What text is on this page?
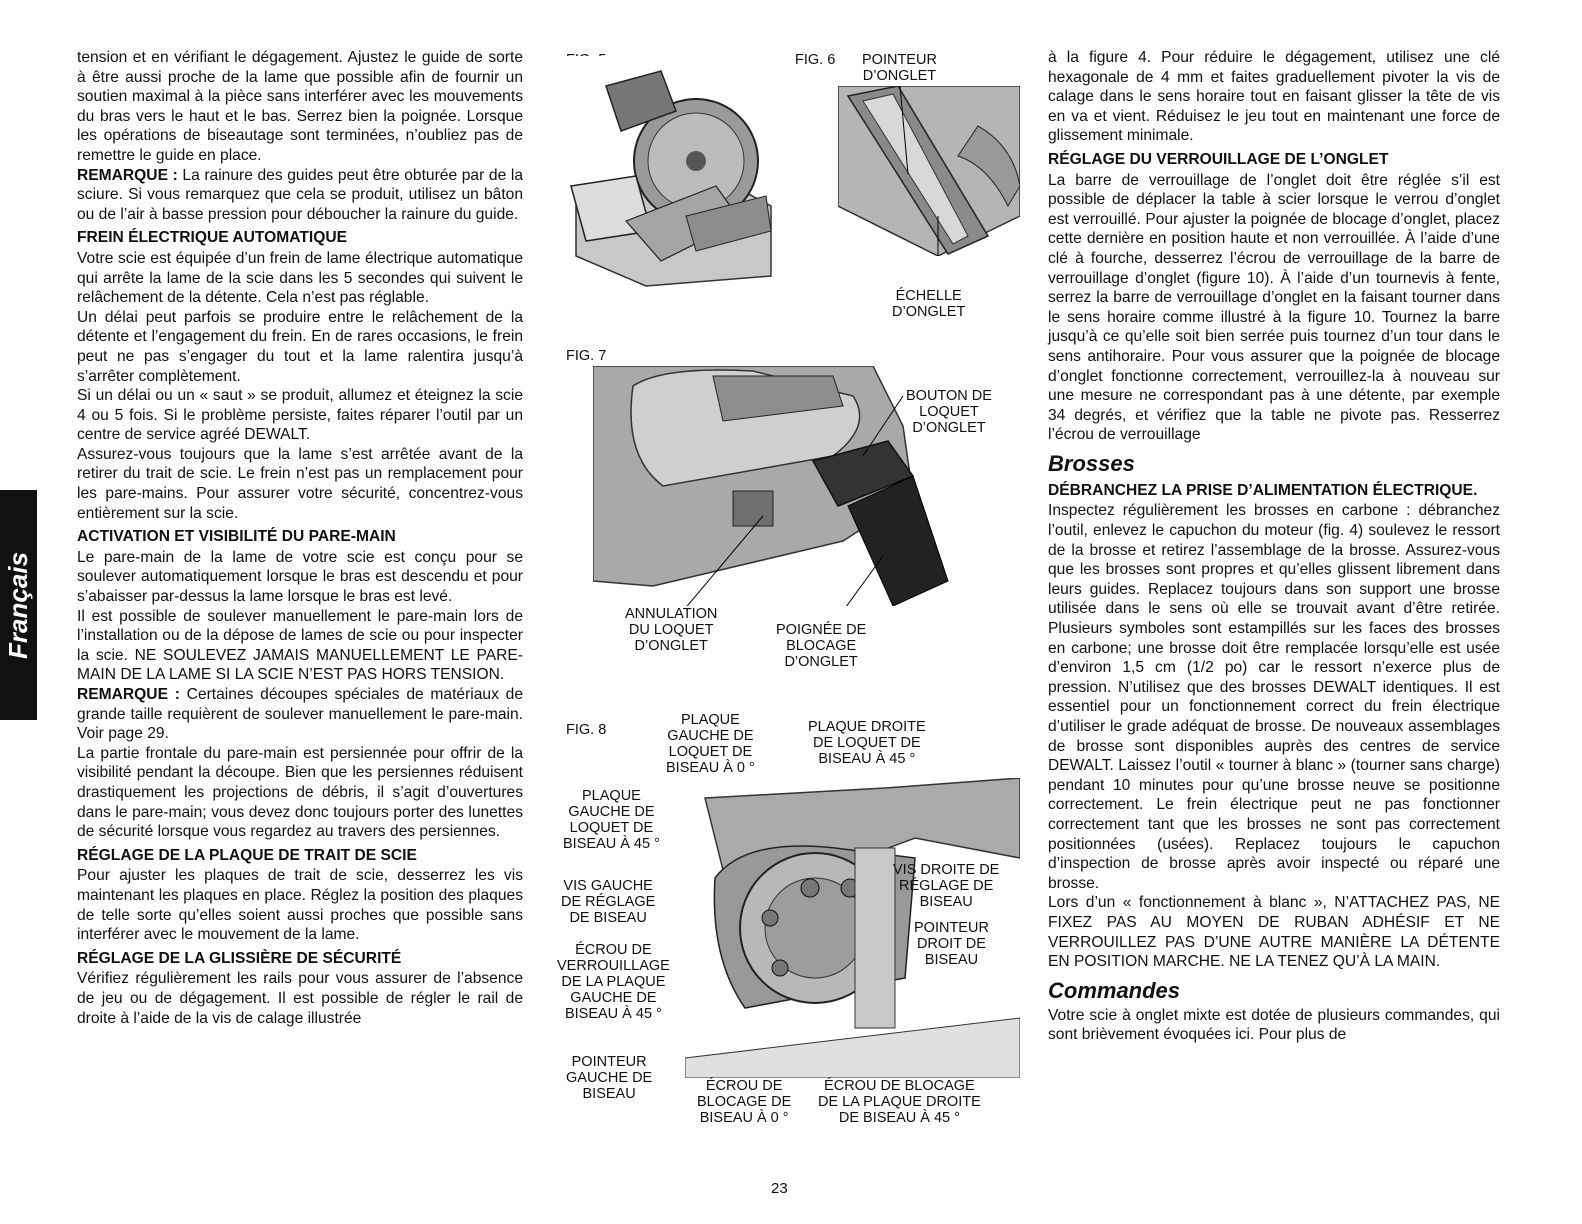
Français

tension et en vérifiant le dégagement. Ajustez le guide de sorte à être aussi proche de la lame que possible afin de fournir un soutien maximal à la pièce sans interférer avec les mouvements du bras vers le haut et le bas. Serrez bien la poignée. Lorsque les opérations de biseautage sont terminées, n’oubliez pas de remettre le guide en place.

REMARQUE : La rainure des guides peut être obturée par de la sciure. Si vous remarquez que cela se produit, utilisez un bâton ou de l’air à basse pression pour déboucher la rainure du guide.

FREIN ÉLECTRIQUE AUTOMATIQUE

Votre scie est équipée d’un frein de lame électrique automatique qui arrête la lame de la scie dans les 5 secondes qui suivent le relâchement de la détente. Cela n’est pas réglable.

Un délai peut parfois se produire entre le relâchement de la détente et l’engagement du frein. En de rares occasions, le frein peut ne pas s’engager du tout et la lame ralentira jusqu’à s’arrêter complètement.

Si un délai ou un « saut » se produit, allumez et éteignez la scie 4 ou 5 fois. Si le problème persiste, faites réparer l’outil par un centre de service agréé DEWALT.

Assurez-vous toujours que la lame s’est arrêtée avant de la retirer du trait de scie. Le frein n’est pas un remplacement pour les pare-mains. Pour assurer votre sécurité, concentrez-vous entièrement sur la scie.

ACTIVATION ET VISIBILITÉ DU PARE-MAIN

Le pare-main de la lame de votre scie est conçu pour se soulever automatiquement lorsque le bras est descendu et pour s’abaisser par-dessus la lame lorsque le bras est levé.

Il est possible de soulever manuellement le pare-main lors de l’installation ou de la dépose de lames de scie ou pour inspecter la scie. NE SOULEVEZ JAMAIS MANUELLEMENT LE PARE-MAIN DE LA LAME SI LA SCIE N’EST PAS HORS TENSION.

REMARQUE : Certaines découpes spéciales de matériaux de grande taille requièrent de soulever manuellement le pare-main. Voir page 29.

La partie frontale du pare-main est persiennée pour offrir de la visibilité pendant la découpe. Bien que les persiennes réduisent drastiquement les projections de débris, il s’agit d’ouvertures dans le pare-main; vous devez donc toujours porter des lunettes de sécurité lorsque vous regardez au travers des persiennes.

RÉGLAGE DE LA PLAQUE DE TRAIT DE SCIE

Pour ajuster les plaques de trait de scie, desserrez les vis maintenant les plaques en place. Réglez la position des plaques de telle sorte qu’elles soient aussi proches que possible sans interférer avec le mouvement de la lame.

RÉGLAGE DE LA GLISSIÈRE DE SÉCURITÉ

Vérifiez régulièrement les rails pour vous assurer de l’absence de jeu ou de dégagement. Il est possible de régler le rail de droite à l’aide de la vis de calage illustrée

FIG. 6 POINTEUR
D’ONGLET
ÉCHELLE
D’ONGLET
FIG. 7
BOUTON DE
LOQUET
D’ONGLET
ANNULATION
DU LOQUET
D’ONGLET
POIGNÉE DE
BLOCAGE
D’ONGLET
FIG. 8
PLAQUE
GAUCHE DE
LOQUET DE
BISEAU À 0 °
PLAQUE DROITE
DE LOQUET DE
BISEAU À 45 °
PLAQUE
GAUCHE DE
LOQUET DE
BISEAU À 45 °
VIS GAUCHE
DE RÉGLAGE
DE BISEAU
VIS DROITE DE
RÉGLAGE DE
BISEAU
ÉCROU DE
VERROUILLAGE
DE LA PLAQUE
GAUCHE DE
BISEAU À 45 °
POINTEUR
DROIT DE
BISEAU
POINTEUR
GAUCHE DE
BISEAU	ÉCROU DE
BLOCAGE DE
BISEAU À 0 °
ÉCROU DE BLOCAGE
DE LA PLAQUE DROITE
DE BISEAU À 45 °

à la figure 4. Pour réduire le dégagement, utilisez une clé hexagonale de 4 mm et faites graduellement pivoter la vis de calage dans le sens horaire tout en faisant glisser la tête de vis en va et vient. Réduisez le jeu tout en maintenant une force de glissement minimale.

RÉGLAGE DU VERROUILLAGE DE L’ONGLET

La barre de verrouillage de l’onglet doit être réglée s’il est possible de déplacer la table à scier lorsque le verrou d’onglet est verrouillé. Pour ajuster la poignée de blocage d’onglet, placez cette dernière en position haute et non verrouillée. À l’aide d’une clé à fourche, desserrez l’écrou de verrouillage de la barre de verrouillage d’onglet (figure 10). À l’aide d’un tournevis à fente, serrez la barre de verrouillage d’onglet en la faisant tourner dans le sens horaire comme illustré à la figure 10. Tournez la barre jusqu’à ce qu’elle soit bien serrée puis tournez d’un tour dans le sens antihoraire. Pour vous assurer que la poignée de blocage d’onglet fonctionne correctement, verrouillez-la à nouveau sur une mesure ne correspondant pas à une détente, par exemple 34 degrés, et vérifiez que la table ne pivote pas. Resserrez l’écrou de verrouillage

Brosses
DÉBRANCHEZ LA PRISE D’ALIMENTATION ÉLECTRIQUE.

Inspectez régulièrement les brosses en carbone : débranchez l’outil, enlevez le capuchon du moteur (fig. 4) soulevez le ressort de la brosse et retirez l’assemblage de la brosse. Assurez-vous que les brosses sont propres et qu’elles glissent librement dans leurs guides. Replacez toujours dans son support une brosse utilisée dans le sens où elle se trouvait avant d’être retirée. Plusieurs symboles sont estampillés sur les faces des brosses en carbone; une brosse doit être remplacée lorsqu’elle est usée d’environ 1,5 cm (1/2 po) car le ressort n’exerce plus de pression. N’utilisez que des brosses DEWALT identiques. Il est essentiel pour un fonctionnement correct du frein électrique d’utiliser le grade adéquat de brosse. De nouveaux assemblages de brosse sont disponibles auprès des centres de service DEWALT. Laissez l’outil « tourner à blanc » (tourner sans charge) pendant 10 minutes pour qu’une brosse neuve se positionne correctement. Le frein électrique peut ne pas fonctionner correctement tant que les brosses ne sont pas correctement positionnées (usées). Replacez toujours le capuchon d’inspection de brosse après avoir inspecté ou réparé une brosse.

Lors d’un « fonctionnement à blanc », N’ATTACHEZ PAS, NE FIXEZ PAS AU MOYEN DE RUBAN ADHÉSIF ET NE VERROUILLEZ PAS D’UNE AUTRE MANIÈRE LA DÉTENTE EN POSITION MARCHE. NE LA TENEZ QU’À LA MAIN.

Commandes

Votre scie à onglet mixte est dotée de plusieurs commandes, qui sont brièvement évoquées ici. Pour plus de

23
